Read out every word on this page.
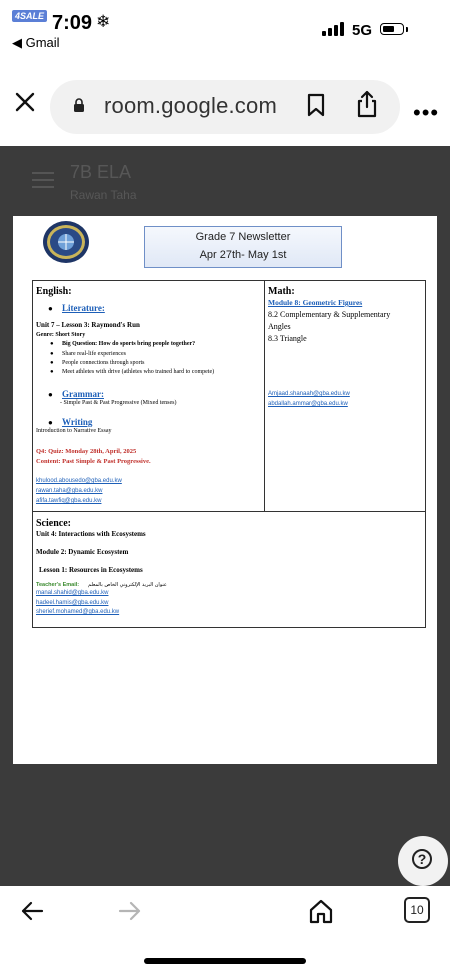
4SALE 7:09 ❄
◀ Gmail
5G
room.google.com	•••
7B ELA
Rawan Taha
Grade 7 Newsletter
Apr 27th- May 1st
English:
● Literature:
Unit 7 – Lesson 3: Raymond's Run
Genre: Short Story
● Big Question: How do sports bring people together?
● Share real-life experiences
● People connections through sports
● Meet athletes with drive (athletes who trained hard to compete)
● Grammar:
- Simple Past & Past Progressive (Mixed tenses)
● Writing
Introduction to Narrative Essay
Q4: Quiz: Monday 28th, April, 2025
Content: Past Simple & Past Progressive.
khulood.abousedo@gba.edu.kw
rawan.taha@gba.edu.kw
afifa.tawfiq@gba.edu.kw
Math:
Module 8: Geometric Figures
8.2 Complementary & Supplementary
Angles
8.3 Triangle
Amjaad.shanaah@gba.edu.kw
abdallah.ammar@gba.edu.kw
Science:
Unit 4: Interactions with Ecosystems
Module 2: Dynamic Ecosystem
Lesson 1: Resources in Ecosystems
Teacher's Email: عنوان البريد الإلكتروني الخاص بالمعلم
manal.shahid@gba.edu.kw
hadeel.hamis@gba.edu.kw
sherief.mohamed@gba.edu.kw
?
10
